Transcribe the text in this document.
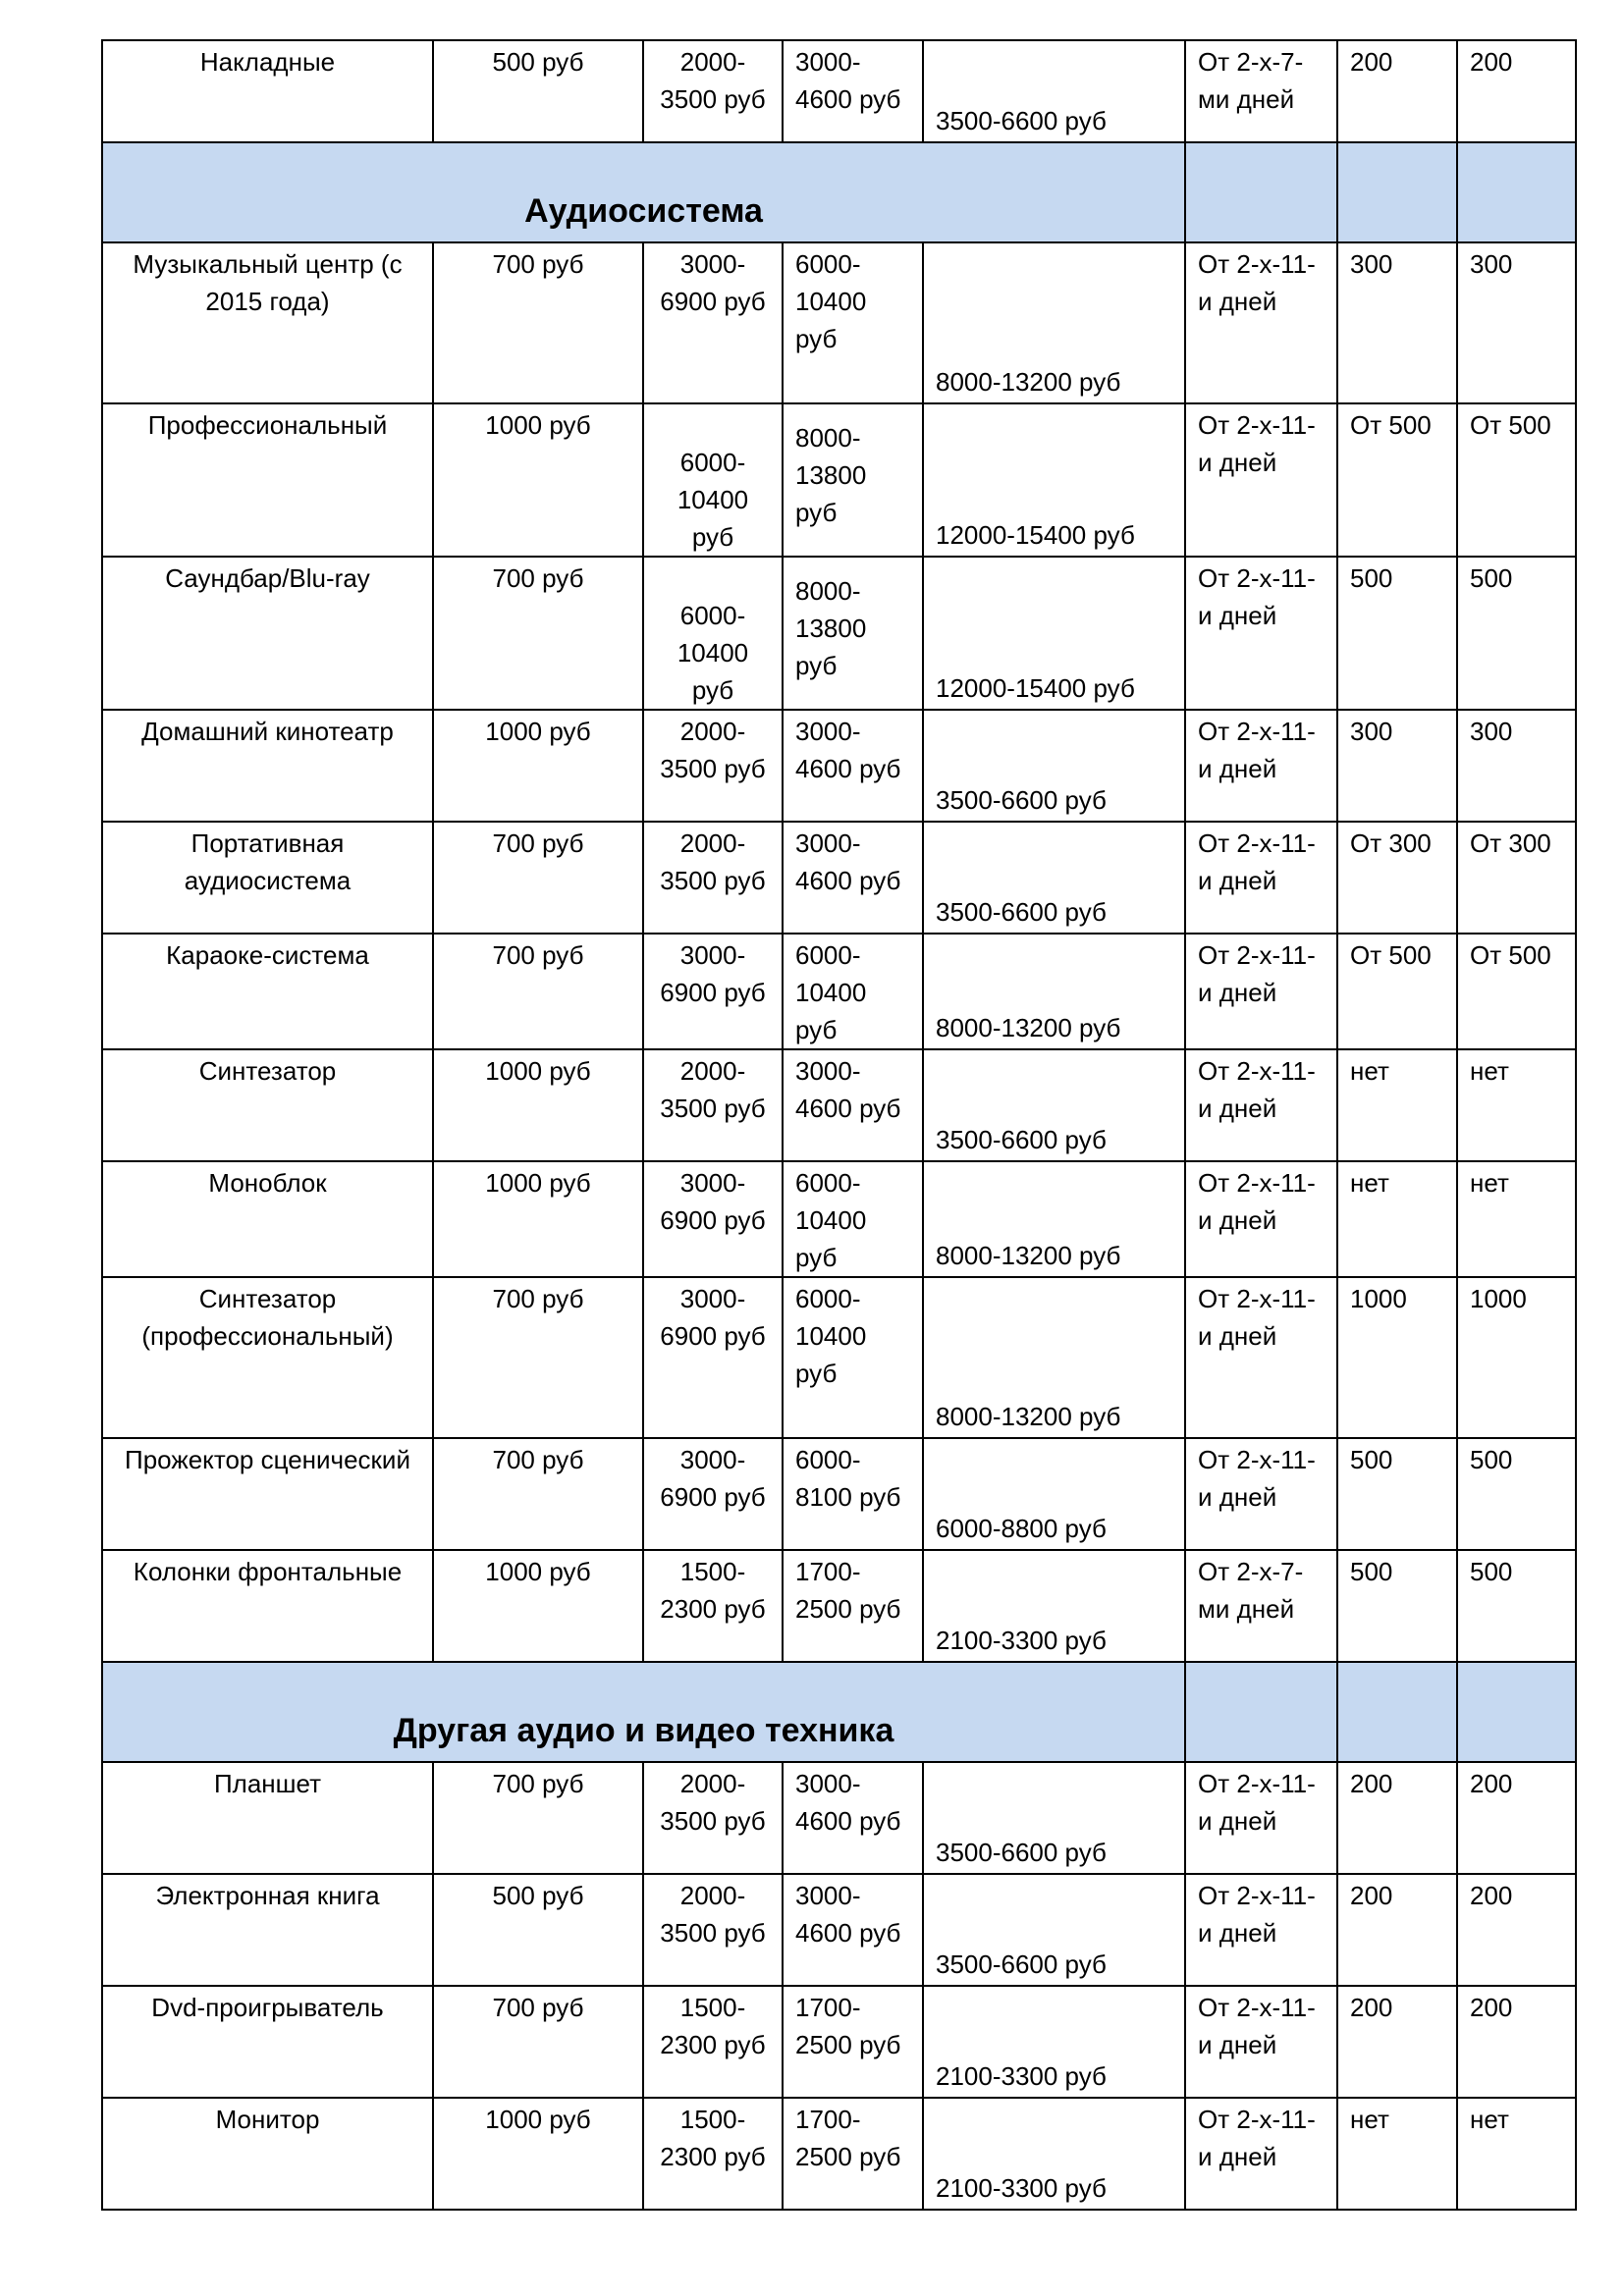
Накладные	500 руб	2000-3500 руб	3000-4600 руб	3500-6600 руб	От 2-х-7-ми дней	200	200
Аудиосистема							
Музыкальный центр (с 2015 года)	700 руб	3000-6900 руб	6000-10400 руб	8000-13200 руб	От 2-х-11-и дней	300	300
Профессиональный	1000 руб	6000-10400 руб	8000-13800 руб	12000-15400 руб	От 2-х-11-и дней	От 500	От 500
Саундбар/Blu-ray	700 руб	6000-10400 руб	8000-13800 руб	12000-15400 руб	От 2-х-11-и дней	500	500
Домашний кинотеатр	1000 руб	2000-3500 руб	3000-4600 руб	3500-6600 руб	От 2-х-11-и дней	300	300
Портативная аудиосистема	700 руб	2000-3500 руб	3000-4600 руб	3500-6600 руб	От 2-х-11-и дней	От 300	От 300
Караоке-система	700 руб	3000-6900 руб	6000-10400 руб	8000-13200 руб	От 2-х-11-и дней	От 500	От 500
Синтезатор	1000 руб	2000-3500 руб	3000-4600 руб	3500-6600 руб	От 2-х-11-и дней	нет	нет
Моноблок	1000 руб	3000-6900 руб	6000-10400 руб	8000-13200 руб	От 2-х-11-и дней	нет	нет
Синтезатор (профессиональный)	700 руб	3000-6900 руб	6000-10400 руб	8000-13200 руб	От 2-х-11-и дней	1000	1000
Прожектор сценический	700 руб	3000-6900 руб	6000-8100 руб	6000-8800 руб	От 2-х-11-и дней	500	500
Колонки фронтальные	1000 руб	1500-2300 руб	1700-2500 руб	2100-3300 руб	От 2-х-7-ми дней	500	500
Другая аудио и видео техника							
Планшет	700 руб	2000-3500 руб	3000-4600 руб	3500-6600 руб	От 2-х-11-и дней	200	200
Электронная книга	500 руб	2000-3500 руб	3000-4600 руб	3500-6600 руб	От 2-х-11-и дней	200	200
Dvd-проигрыватель	700 руб	1500-2300 руб	1700-2500 руб	2100-3300 руб	От 2-х-11-и дней	200	200
Монитор	1000 руб	1500-2300 руб	1700-2500 руб	2100-3300 руб	От 2-х-11-и дней	нет	нет
